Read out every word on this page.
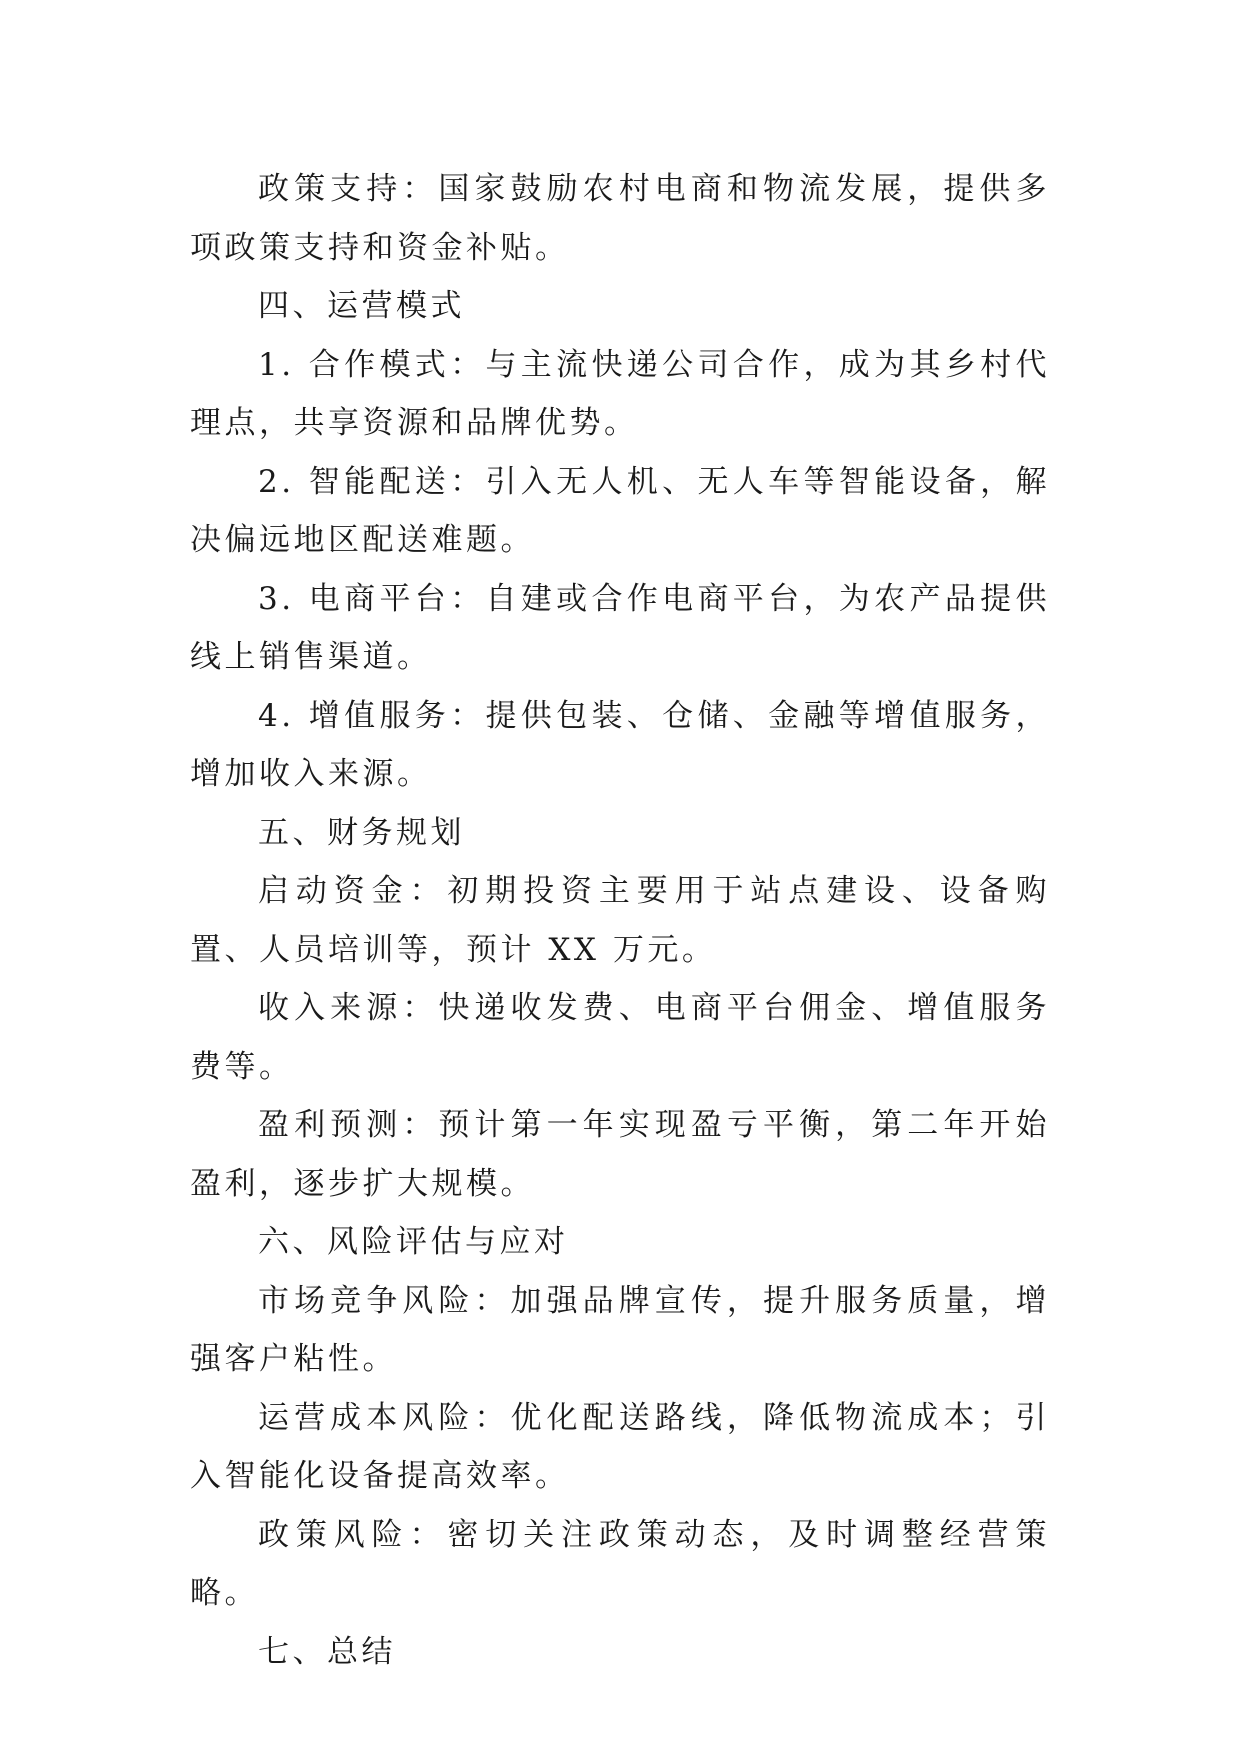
政策支持：国家鼓励农村电商和物流发展，提供多项政策支持和资金补贴。

四、运营模式

1. 合作模式：与主流快递公司合作，成为其乡村代理点，共享资源和品牌优势。

2. 智能配送：引入无人机、无人车等智能设备，解决偏远地区配送难题。

3. 电商平台：自建或合作电商平台，为农产品提供线上销售渠道。

4. 增值服务：提供包装、仓储、金融等增值服务，增加收入来源。

五、财务规划

启动资金：初期投资主要用于站点建设、设备购置、人员培训等，预计 XX 万元。

收入来源：快递收发费、电商平台佣金、增值服务费等。

盈利预测：预计第一年实现盈亏平衡，第二年开始盈利，逐步扩大规模。

六、风险评估与应对

市场竞争风险：加强品牌宣传，提升服务质量，增强客户粘性。

运营成本风险：优化配送路线，降低物流成本；引入智能化设备提高效率。

政策风险：密切关注政策动态，及时调整经营策略。

七、总结
